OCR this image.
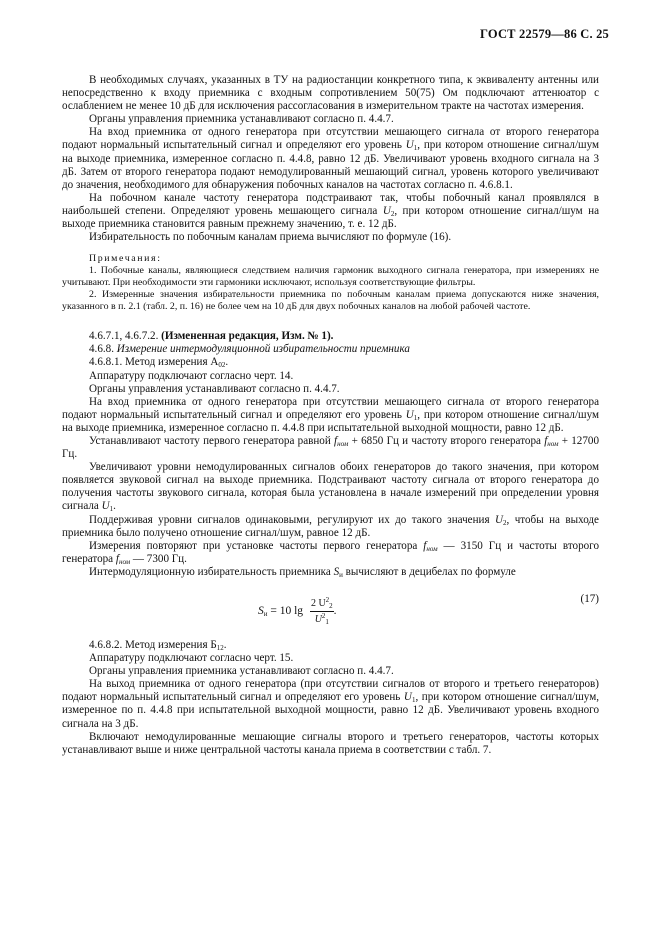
ГОСТ 22579—86 С. 25

В необходимых случаях, указанных в ТУ на радиостанции конкретного типа, к эквиваленту антенны или непосредственно к входу приемника с входным сопротивлением 50(75) Ом подключают аттенюатор с ослаблением не менее 10 дБ для исключения рассогласования в измерительном тракте на частотах измерения.

Органы управления приемника устанавливают согласно п. 4.4.7.

На вход приемника от одного генератора при отсутствии мешающего сигнала от второго генератора подают нормальный испытательный сигнал и определяют его уровень $U_1$, при котором отношение сигнал/шум на выходе приемника, измеренное согласно п. 4.4.8, равно 12 дБ. Увеличивают уровень входного сигнала на 3 дБ. Затем от второго генератора подают немодулированный мешающий сигнал, уровень которого увеличивают до значения, необходимого для обнаружения побочных каналов на частотах согласно п. 4.6.8.1.

На побочном канале частоту генератора подстраивают так, чтобы побочный канал проявлялся в наибольшей степени. Определяют уровень мешающего сигнала $U_2$, при котором отношение сигнал/шум на выходе приемника становится равным прежнему значению, т. е. 12 дБ.

Избирательность по побочным каналам приема вычисляют по формуле (16).

Примечания:

1. Побочные каналы, являющиеся следствием наличия гармоник выходного сигнала генератора, при измерениях не учитывают. При необходимости эти гармоники исключают, используя соответствующие фильтры.

2. Измеренные значения избирательности приемника по побочным каналам приема допускаются ниже значения, указанного в п. 2.1 (табл. 2, п. 16) не более чем на 10 дБ для двух побочных каналов на любой рабочей частоте.

4.6.7.1, 4.6.7.2. (Измененная редакция, Изм. № 1).

4.6.8. Измерение интермодуляционной избирательности приемника

4.6.8.1. Метод измерения $А_{02}$.

Аппаратуру подключают согласно черт. 14.

Органы управления устанавливают согласно п. 4.4.7.

На вход приемника от одного генератора при отсутствии мешающего сигнала от второго генератора подают нормальный испытательный сигнал и определяют его уровень $U_1$, при котором отношение сигнал/шум на выходе приемника, измеренное согласно п. 4.4.8 при испытательной выходной мощности, равно 12 дБ.

Устанавливают частоту первого генератора равной $f_{ном} + 6850$ Гц и частоту второго генератора $f_{ном} + 12700$ Гц.

Увеличивают уровни немодулированных сигналов обоих генераторов до такого значения, при котором появляется звуковой сигнал на выходе приемника. Подстраивают частоту сигнала от второго генератора до получения частоты звукового сигнала, которая была установлена в начале измерений при определении уровня сигнала $U_1$.

Поддерживая уровни сигналов одинаковыми, регулируют их до такого значения $U_2$, чтобы на выходе приемника было получено отношение сигнал/шум, равное 12 дБ.

Измерения повторяют при установке частоты первого генератора $f_{ном}$ — 3150 Гц и частоты второго генератора $f_{ном}$ — 7300 Гц.

Интермодуляционную избирательность приемника $S_и$ вычисляют в децибелах по формуле

$S_и = 10$ $\lg \frac{2 U^2_2}{U^2_1}$ .
(17)

4.6.8.2. Метод измерения $Б_{12}$.

Аппаратуру подключают согласно черт. 15.

Органы управления приемника устанавливают согласно п. 4.4.7.

На выход приемника от одного генератора (при отсутствии сигналов от второго и третьего генераторов) подают нормальный испытательный сигнал и определяют его уровень $U_1$, при котором отношение сигнал/шум, измеренное по п. 4.4.8 при испытательной выходной мощности, равно 12 дБ. Увеличивают уровень входного сигнала на 3 дБ.

Включают немодулированные мешающие сигналы второго и третьего генераторов, частоты которых устанавливают выше и ниже центральной частоты канала приема в соответствии с табл. 7.
